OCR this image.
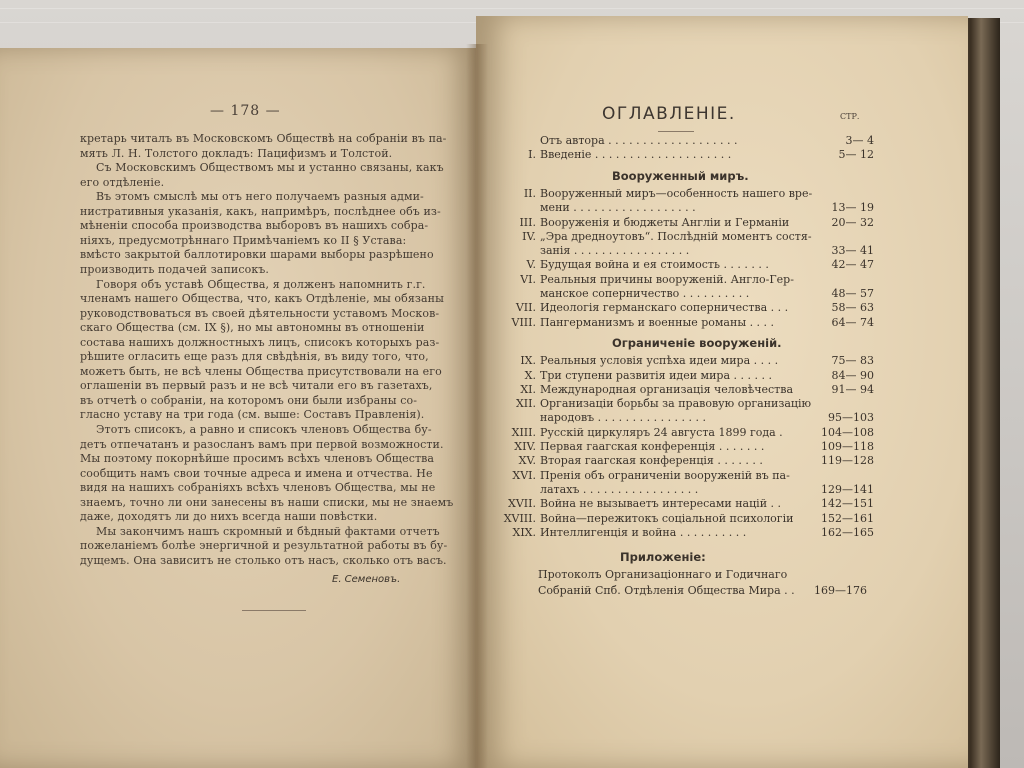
— 178 —
кретарь читалъ въ Московскомъ Обществѣ на собраніи въ па-
мять Л. Н. Толстого докладъ: Пацифизмъ и Толстой.
Съ Московскимъ Обществомъ мы и устанно связаны, какъ
его отдѣленіе.
Въ этомъ смыслѣ мы отъ него получаемъ разныя адми-
нистративныя указанія, какъ, напримѣръ, послѣднее объ из-
мѣненіи способа производства выборовъ въ нашихъ собра-
ніяхъ, предусмотрѣннаго Примѣчаніемъ ко II § Устава:
вмѣсто закрытой баллотировки шарами выборы разрѣшено
производить подачей записокъ.
Говоря объ уставѣ Общества, я долженъ напомнить г.г.
членамъ нашего Общества, что, какъ Отдѣленіе, мы обязаны
руководствоваться въ своей дѣятельности уставомъ Москов-
скаго Общества (см. IX §), но мы автономны въ отношеніи
состава нашихъ должностныхъ лицъ, списокъ которыхъ раз-
рѣшите огласить еще разъ для свѣдѣнія, въ виду того, что,
можетъ быть, не всѣ члены Общества присутствовали на его
оглашеніи въ первый разъ и не всѣ читали его въ газетахъ,
въ отчетѣ о собраніи, на которомъ они были избраны со-
гласно уставу на три года (см. выше: Составъ Правленія).
Этотъ списокъ, а равно и списокъ членовъ Общества бу-
детъ отпечатанъ и разосланъ вамъ при первой возможности.
Мы поэтому покорнѣйше просимъ всѣхъ членовъ Общества
сообщить намъ свои точные адреса и имена и отчества. Не
видя на нашихъ собраніяхъ всѣхъ членовъ Общества, мы не
знаемъ, точно ли они занесены въ наши списки, мы не знаемъ
даже, доходятъ ли до нихъ всегда наши повѣстки.
Мы закончимъ нашъ скромный и бѣдный фактами отчетъ
пожеланіемъ болѣе энергичной и результатной работы въ бу-
дущемъ. Она зависитъ не столько отъ насъ, сколько отъ васъ.
Е. Семеновъ.
ОГЛАВЛЕНІЕ.	СТР.
Отъ автора . . . . . . . . . . . . . . . . . . .	3— 4
I. Введеніе . . . . . . . . . . . . . . . . . . . .	5— 12
Вооруженный миръ.
II. Вооруженный миръ—особенность нашего вре-
мени . . . . . . . . . . . . . . . . . .	13— 19
III. Вооруженія и бюджеты Англіи и Германіи	20— 32
IV. „Эра дредноутовъ“. Послѣдній моментъ состя-
занія . . . . . . . . . . . . . . . . .	33— 41
V. Будущая война и ея стоимость . . . . . . .	42— 47
VI. Реальныя причины вооруженій. Англо-Гер-
манское соперничество . . . . . . . . . .	48— 57
VII. Идеологія германскаго соперничества . . .	58— 63
VIII. Пангерманизмъ и военные романы . . . .	64— 74
Ограниченіе вооруженій.
IX. Реальныя условія успѣха идеи мира . . . .	75— 83
X. Три ступени развитія идеи мира . . . . . .	84— 90
XI. Международная организація человѣчества	91— 94
XII. Организаціи борьбы за правовую организацію
народовъ . . . . . . . . . . . . . . . .	95—103
XIII. Русскій циркуляръ 24 августа 1899 года .	104—108
XIV. Первая гаагская конференція . . . . . . .	109—118
XV. Вторая гаагская конференція . . . . . . .	119—128
XVI. Пренія объ ограниченіи вооруженій въ па-
латахъ . . . . . . . . . . . . . . . . .	129—141
XVII. Война не вызываетъ интересами націй . .	142—151
XVIII. Война—пережитокъ соціальной психологіи	152—161
XIX. Интеллигенція и война . . . . . . . . . .	162—165
Приложеніе:
Протоколъ Организаціоннаго и Годичнаго
Собраній Спб. Отдѣленія Общества Мира . . 169—176
